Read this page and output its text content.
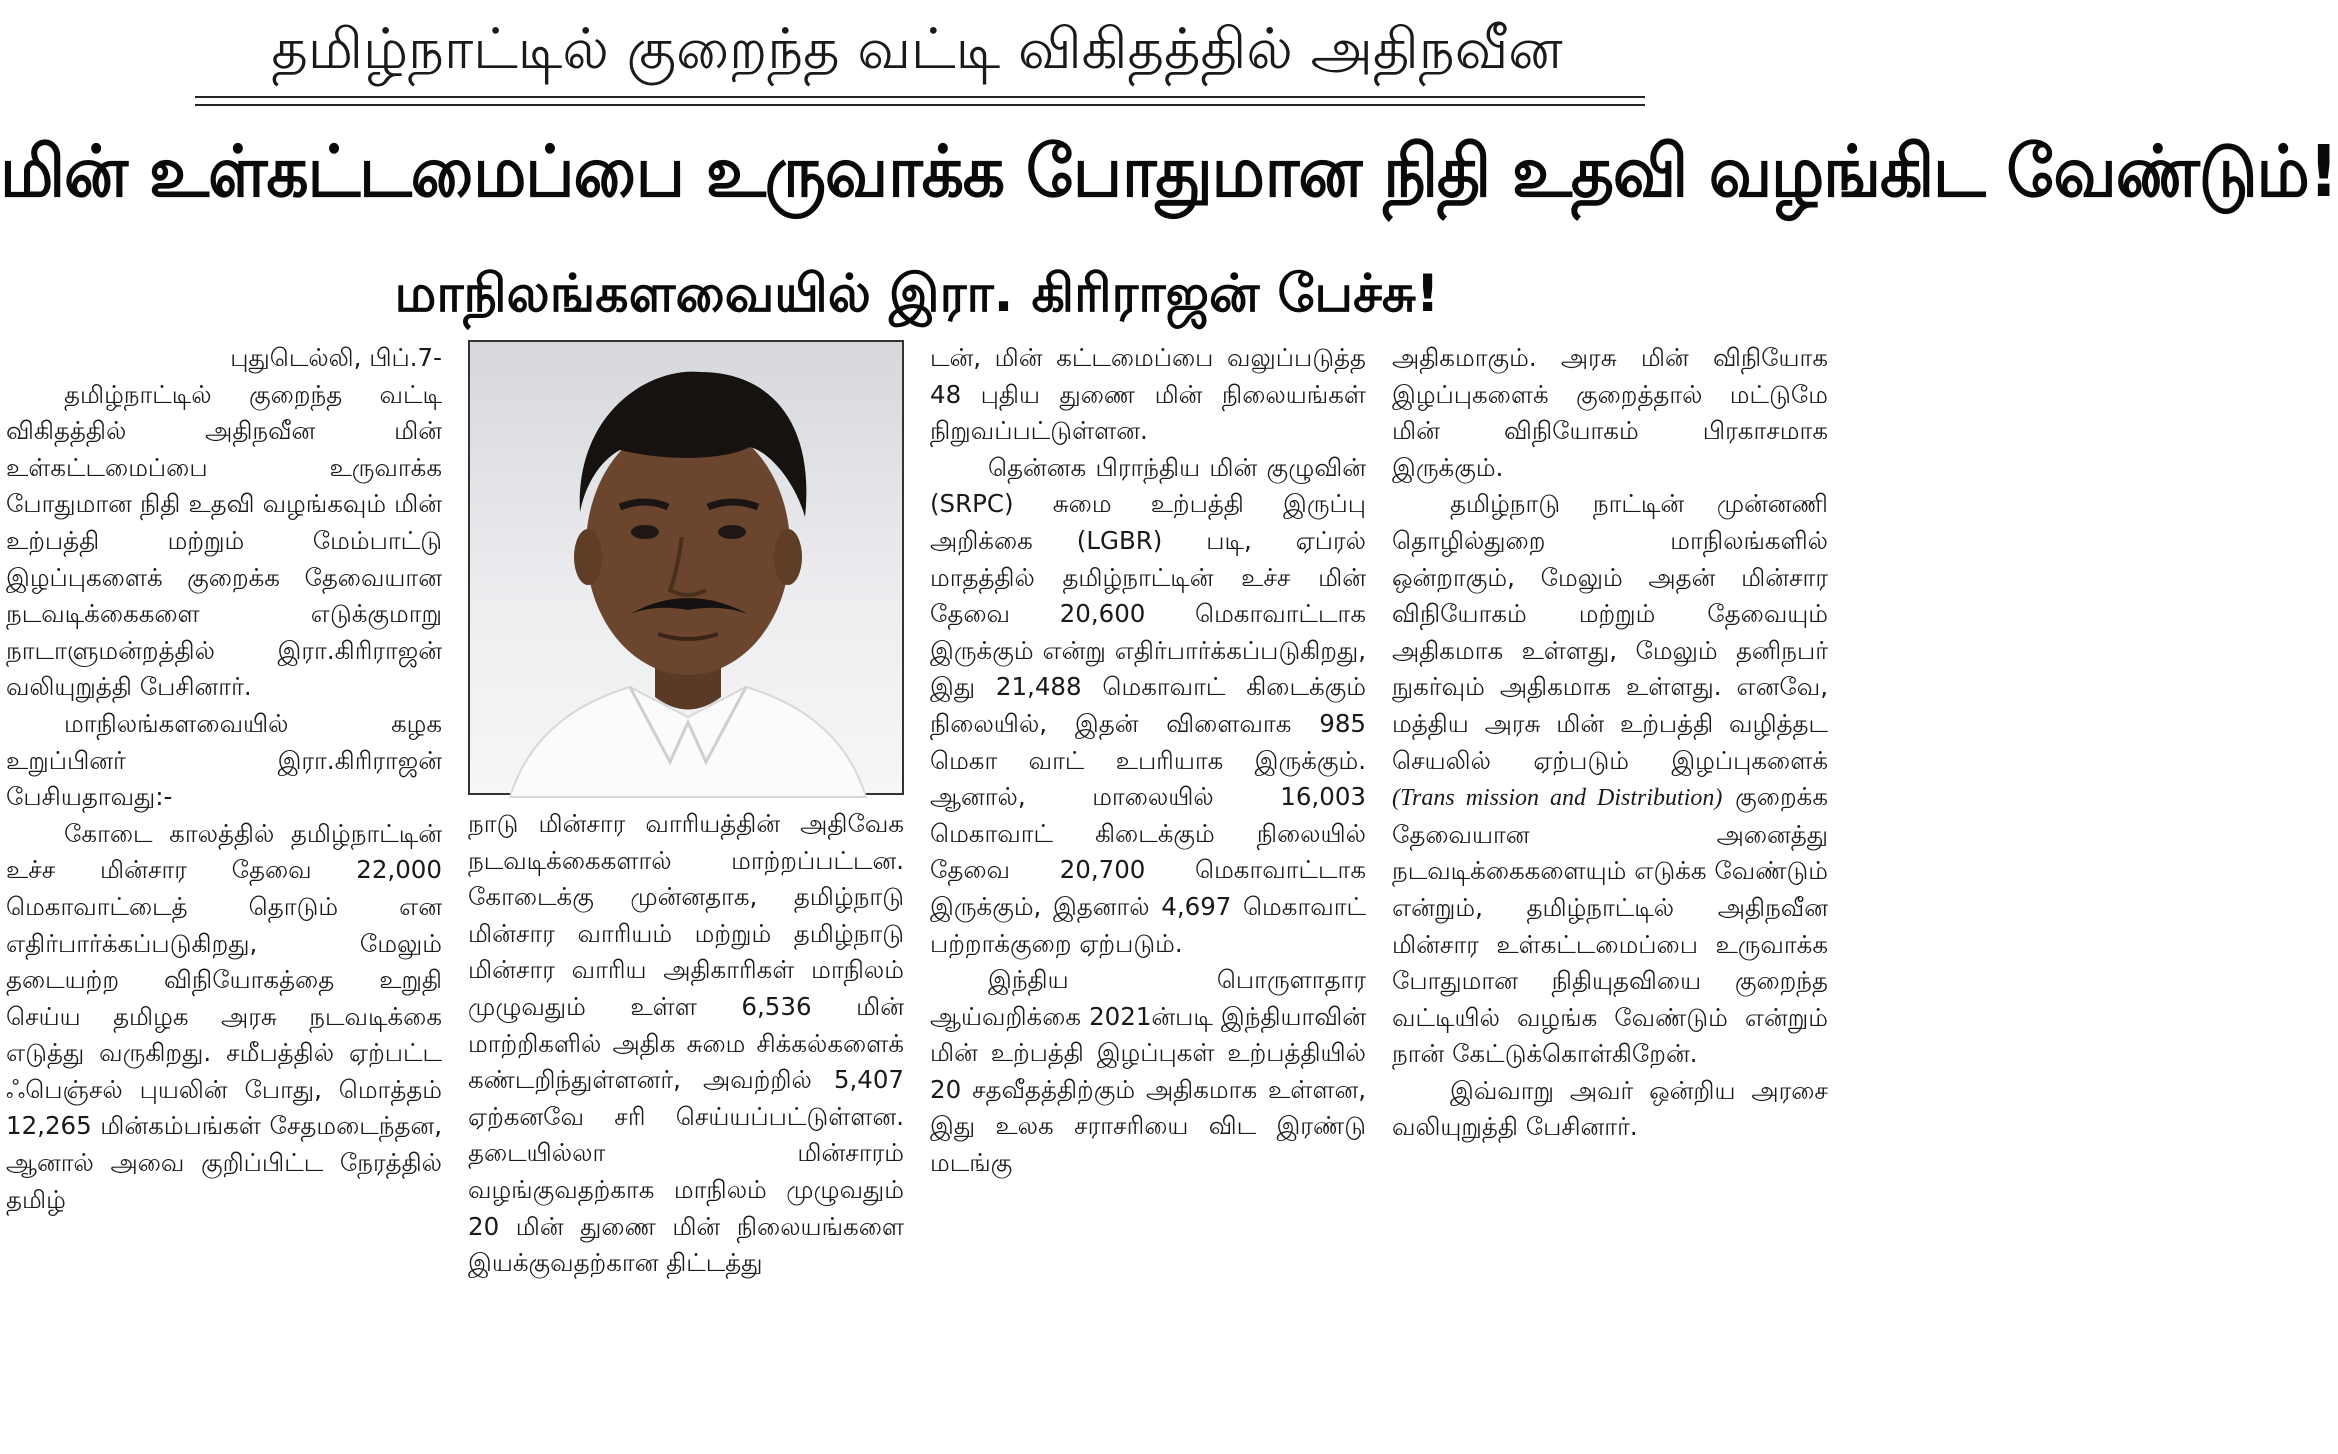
தமிழ்நாட்டில் குறைந்த வட்டி விகிதத்தில் அதிநவீன
மின் உள்கட்டமைப்பை உருவாக்க போதுமான நிதி உதவி வழங்கிட வேண்டும்!
மாநிலங்களவையில் இரா. கிரிராஜன் பேச்சு!

புதுடெல்லி, பிப்.7-

தமிழ்நாட்டில் குறைந்த வட்டி விகிதத்தில் அதிநவீன மின் உள்கட்டமைப்பை உருவாக்க போதுமான நிதி உதவி வழங்கவும் மின் உற்பத்தி மற்றும் மேம்பாட்டு இழப்புகளைக் குறைக்க தேவையான நடவடிக்கைகளை எடுக்குமாறு நாடாளுமன்றத்தில் இரா.கிரிராஜன் வலியுறுத்தி பேசினார்.

மாநிலங்களவையில் கழக உறுப்பினர் இரா.கிரிராஜன் பேசியதாவது:-

கோடை காலத்தில் தமிழ்நாட்டின் உச்ச மின்சார தேவை 22,000 மெகாவாட்டைத் தொடும் என எதிர்பார்க்கப்படுகிறது, மேலும் தடையற்ற விநியோகத்தை உறுதி செய்ய தமிழக அரசு நடவடிக்கை எடுத்து வருகிறது. சமீபத்தில் ஏற்பட்ட ஃபெஞ்சல் புயலின் போது, மொத்தம் 12,265 மின்கம்பங்கள் சேதமடைந்தன, ஆனால் அவை குறிப்பிட்ட நேரத்தில் தமிழ்

நாடு மின்சார வாரியத்தின் அதிவேக நடவடிக்கைகளால் மாற்றப்பட்டன. கோடைக்கு முன்னதாக, தமிழ்நாடு மின்சார வாரியம் மற்றும் தமிழ்நாடு மின்சார வாரிய அதிகாரிகள் மாநிலம் முழுவதும் உள்ள 6,536 மின் மாற்றிகளில் அதிக சுமை சிக்கல்களைக் கண்டறிந்துள்ளனர், அவற்றில் 5,407 ஏற்கனவே சரி செய்யப்பட்டுள்ளன. தடையில்லா மின்சாரம் வழங்குவதற்காக மாநிலம் முழுவதும் 20 மின் துணை மின் நிலையங்களை இயக்குவதற்கான திட்டத்து

டன், மின் கட்டமைப்பை வலுப்படுத்த 48 புதிய துணை மின் நிலையங்கள் நிறுவப்பட்டுள்ளன.

தென்னக பிராந்திய மின் குழுவின் (SRPC) சுமை உற்பத்தி இருப்பு அறிக்கை (LGBR) படி, ஏப்ரல் மாதத்தில் தமிழ்நாட்டின் உச்ச மின் தேவை 20,600 மெகாவாட்டாக இருக்கும் என்று எதிர்பார்க்கப்படுகிறது, இது 21,488 மெகாவாட் கிடைக்கும் நிலையில், இதன் விளைவாக 985 மெகா வாட் உபரியாக இருக்கும். ஆனால், மாலையில் 16,003 மெகாவாட் கிடைக்கும் நிலையில் தேவை 20,700 மெகாவாட்டாக இருக்கும், இதனால் 4,697 மெகாவாட் பற்றாக்குறை ஏற்படும்.

இந்திய பொருளாதார ஆய்வறிக்கை 2021ன்படி இந்தியாவின் மின் உற்பத்தி இழப்புகள் உற்பத்தியில் 20 சதவீதத்திற்கும் அதிகமாக உள்ளன, இது உலக சராசரியை விட இரண்டு மடங்கு

அதிகமாகும். அரசு மின் விநியோக இழப்புகளைக் குறைத்தால் மட்டுமே மின் விநியோகம் பிரகாசமாக இருக்கும்.

தமிழ்நாடு நாட்டின் முன்னணி தொழில்துறை மாநிலங்களில் ஒன்றாகும், மேலும் அதன் மின்சார விநியோகம் மற்றும் தேவையும் அதிகமாக உள்ளது, மேலும் தனிநபர் நுகர்வும் அதிகமாக உள்ளது. எனவே, மத்திய அரசு மின் உற்பத்தி வழித்தட செயலில் ஏற்படும் இழப்புகளைக் (Trans mission and Distribution) குறைக்க தேவையான அனைத்து நடவடிக்கைகளையும் எடுக்க வேண்டும் என்றும், தமிழ்நாட்டில் அதிநவீன மின்சார உள்கட்டமைப்பை உருவாக்க போதுமான நிதியுதவியை குறைந்த வட்டியில் வழங்க வேண்டும் என்றும் நான் கேட்டுக்கொள்கிறேன்.

இவ்வாறு அவர் ஒன்றிய அரசை வலியுறுத்தி பேசினார்.
